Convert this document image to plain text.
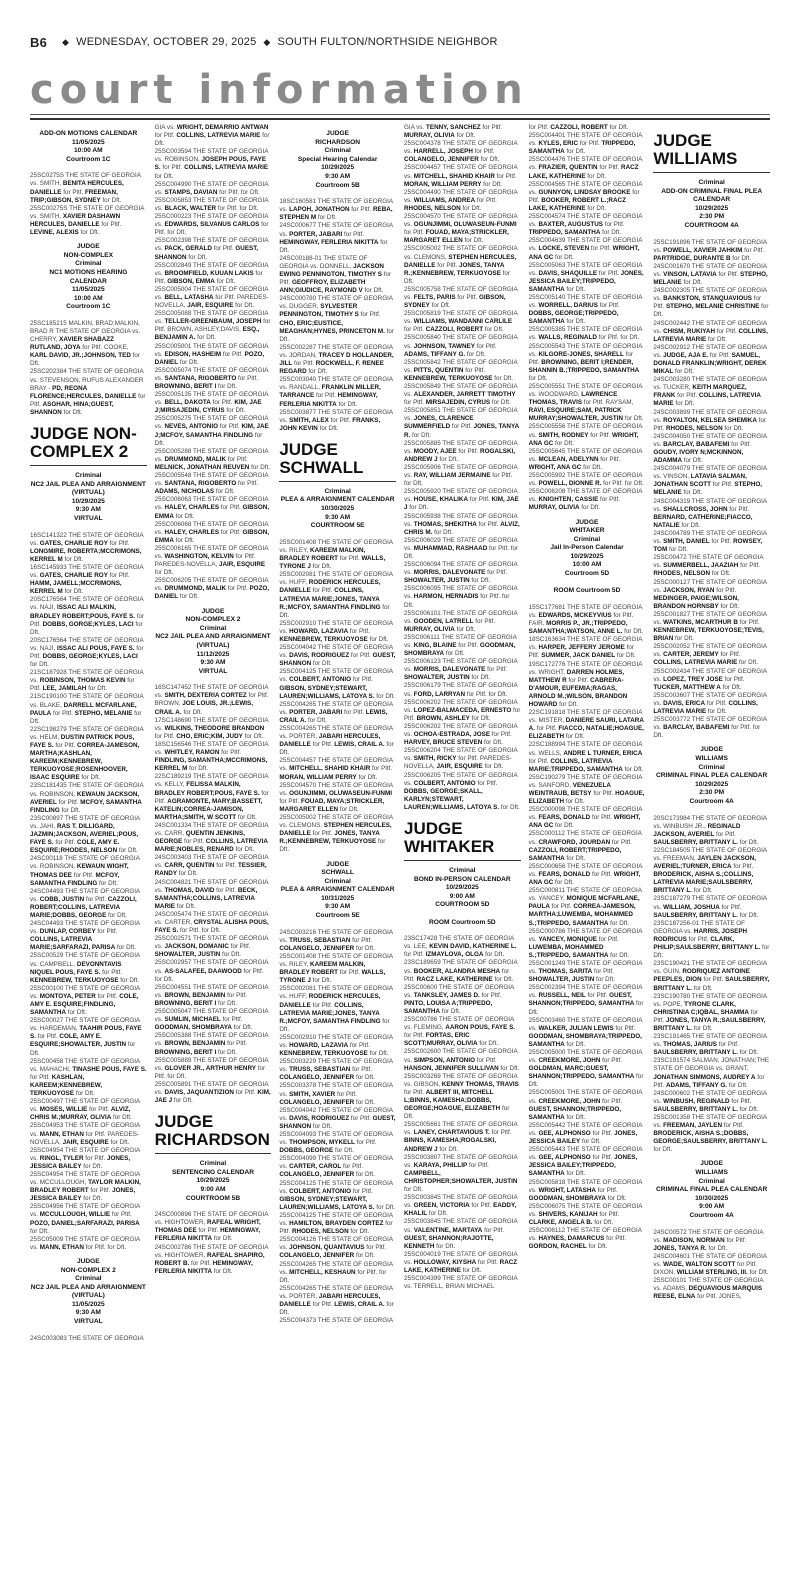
B6 ◆ WEDNESDAY, OCTOBER 29, 2025 ◆ SOUTH FULTON/NORTHSIDE NEIGHBOR
court information
ADD-ON MOTIONS CALENDAR
11/05/2025
10:00 AM
Courtroom 1C

25SC0275S THE STATE OF GEORGIA vs. SMITH, BENITA HERCULES, DANIELLE for Pltf. FREEMAN, TRIP;GIBSON, SYDNEY for Dft.

25SC00275S THE STATE OF GEORGIA vs. SMITH, XAVIER DASHAWN HERCULES, DANIELLE for Pltf. LEVINE, ALEXIS for Dft.

JUDGE
NON-COMPLEX
Criminal
NC1 MOTIONS HEARING CALENDAR
11/05/2025
10:00 AM
Courtroom 1C

25SC185215 MALKIN, BRAD;MALKIN, BRAD R THE STATE OF GEORGIA vs. CHERRY, XAVIER SHABAZZ RUTLAND, JOYA for Pltf. COOKE, KARL DAVID, JR.;JOHNSON, TED for Dft.

25SC202384 THE STATE OF GEORGIA vs. STEVENSON, RUFUS ALEXANDER BRAY - PD, REONA FLORENCE;HERCULES, DANIELLE for Pltf. ASGHAR, HINA;GUEST, SHANNON for Dft.

JUDGE NON-COMPLEX 2
Criminal
NC2 JAIL PLEA AND ARRAIGNMENT (VIRTUAL)
10/29/2025
9:30 AM
VIRTUAL

16SC141322 THE STATE OF GEORGIA vs. GATES, CHARLIE ROY for Pltf. LONGMIRE, ROBERTA;MCCRIMONS, KERREL M for Dft.

16SC145933 THE STATE OF GEORGIA vs. GATES, CHARLIE ROY for Pltf. HAMM, JAMELL;MCCRIMONS, KERREL M for Dft.

20SC176564 THE STATE OF GEORGIA vs. NAJI, ISSAC ALI MALKIN, BRADLEY ROBERT;POUS, FAYE S. for Pltf. DOBBS, GORGE;KYLES, LACI for Dft.

20SC176564 THE STATE OF GEORGIA vs. NAJI, ISSAC ALI POUS, FAYE S. for Pltf. DOBBS, GEORGE;KYLES, LACI for Dft.

21SC187928 THE STATE OF GEORGIA vs. ROBINSON, THOMAS KEVIN for Pltf. LEE, JAMILAH for Dft.

21SC190100 THE STATE OF GEORGIA vs. BLAKE, DARRELL MCFARLANE, PAULA for Pltf. STEPHO, MELANIE for Dft.

22SC198279 THE STATE OF GEORGIA vs. HELM, DUSTIN PATRICK POUS, FAYE S. for Pltf. CORREA-JAMESON, MARTHA;KASHLAN, KAREEM;KENNEBREW, TERKUOYOSE;ROSENHOOVER, ISAAC ESQUIRE for Dft.

23SC181435 THE STATE OF GEORGIA vs. ROBINSON, KEWAUN JACKSON, AVERIEL for Pltf. MCFOY, SAMANTHA FINDLING for Dft.

23SC00897 THE STATE OF GEORGIA vs. JAHI, RAS T. DILLIGARD, JAZMIN;JACKSON, AVERIEL;POUS, FAYE S. for Pltf. COLE, AMY E. ESQUIRE;RHODES, NELSON for Dft.

24SC00118 THE STATE OF GEORGIA vs. ROBINSON, KEWAUN WIGHT, THOMAS DEE for Pltf. MCFOY, SAMANTHA FINDLING for Dft.

24SC04493 THE STATE OF GEORGIA vs. COBB, JUSTIN for Pltf. CAZZOLI, ROBERT;COLLINS, LATREVIA MARIE;DOBBS, GEORGE for Dft.

24SC04493 THE STATE OF GEORGIA vs. DUNLAP, CORBEY for Pltf. COLLINS, LATREVIA MARIE;SARFARAZI, PARISA for Dft.

25SC00529 THE STATE OF GEORGIA vs. CAMPBELL, DEVONNTAVIS NIQUEL POUS, FAYE S. for Pltf. KENNEBREW, TERKUOYOSE for Dft.

25SC00100 THE STATE OF GEORGIA vs. MONTOYA, PETER for Pltf. COLE, AMY E. ESQUIRE;FINDLING, SAMANTHA for Dft.

25SC00027 THE STATE OF GEORGIA vs. HARDEMAN, TAAHIR POUS, FAYE S. for Pltf. COLE, AMY E. ESQUIRE;SHOWALTER, JUSTIN for Dft.

25SC00458 THE STATE OF GEORGIA vs. MAHACHI, TINASHE POUS, FAYE S. for Pltf. KASHLAN, KAREEM;KENNEBREW, TERKUOYOSE for Dft.

25SC00497 THE STATE OF GEORGIA vs. MOSES, WILLIE for Pltf. ALVIZ, CHRIS M.;MURRAY, OLIVIA for Dft.

25SC04953 THE STATE OF GEORGIA vs. MANN, ETHAN for Pltf. PAREDES-NOVELLA, JAIR, ESQUIRE for Dft.

25SC04954 THE STATE OF GEORGIA vs. RINGL, TYLER for Pltf. JONES, JESSICA BAILEY for Dft.

25SC04954 THE STATE OF GEORGIA vs. MCCULLOUGH, TAYLOR MALKIN, BRADLEY ROBERT for Pltf. JONES, JESSICA BAILEY for Dft.

25SC04956 THE STATE OF GEORGIA vs. MCCULLOUGH, WILLIE for Pltf. POZO, DANIEL;SARFARAZI, PARISA for Dft.

25SC05009 THE STATE OF GEORGIA vs. MANN, ETHAN for Pltf. for Dft.

JUDGE
NON-COMPLEX 2
Criminal
NC2 JAIL PLEA AND ARRAIGNMENT (VIRTUAL)
11/05/2025
9:30 AM
VIRTUAL

24SC003083 THE STATE OF GEORGIA

GIA vs. WRIGHT, DEMARRIO ANTWAN for Pltf. COLLINS, LATREVIA MARIE for Dft.

25SC003594 THE STATE OF GEORGIA vs. ROBINSON, JOSEPH POUS, FAYE S. for Pltf. COLLINS, LATREVIA MARIE for Dft.

25SC004990 THE STATE OF GEORGIA vs. STAMPS, DAVIAN for Pltf. for Dft.

25SC005853 THE STATE OF GEORGIA vs. BLACK, WALTER for Pltf. for Dft.

25SC000223 THE STATE OF GEORGIA vs. EDWARDS, SILVANUS CARLOS for Pltf. for Dft.

25SC002398 THE STATE OF GEORGIA vs. PACK, GERALD for Pltf. GUEST, SHANNON for Dft.

25SC002849 THE STATE OF GEORGIA vs. BROOMFIELD, KUUAN LAKIS for Pltf. GIBSON, EMMA for Dft.

25SC005004 THE STATE OF GEORGIA vs. BELL, LATASHA for Pltf. PAREDES-NOVELLA, JAIR, ESQUIRE for Dft.

25SC005088 THE STATE OF GEORGIA vs. TELLER-GREENBAUM, JOSEPH for Pltf. BROWN, ASHLEY;DAVIS, ESQ., BENJAMIN A. for Dft.

25SC005001 THE STATE OF GEORGIA vs. EDISON, HASHEIM for Pltf. POZO, DANIEL for Dft.

25SC005074 THE STATE OF GEORGIA vs. SANTANA, RIGOBERTO for Pltf. BROWNING, BERIT I for Dft.

25SC005135 THE STATE OF GEORGIA vs. BELL, DAKOTA for Pltf. KIM, JAE J;MIRSAJEDIN, CYRUS for Dft.

25SC005275 THE STATE OF GEORGIA vs. NEVES, ANTONIO for Pltf. KIM, JAE J;MCFOY, SAMANTHA FINDLING for Dft.

25SC005288 THE STATE OF GEORGIA vs. DRUMMOND, MALIK for Pltf. MELNICK, JONATHAN REUVEN for Dft.

25SC005548 THE STATE OF GEORGIA vs. SANTANA, RIGOBERTO for Pltf. ADAMS, NICHOLAS for Dft.

25SC006063 THE STATE OF GEORGIA vs. HALEY, CHARLES for Pltf. GIBSON, EMMA for Dft.

25SC006068 THE STATE OF GEORGIA vs. HALEY, CHARLES for Pltf. GIBSON, EMMA for Dft.

25SC006165 THE STATE OF GEORGIA vs. WASHINGTON, KELVIN for Pltf. PAREDES-NOVELLA, JAIR, ESQUIRE for Dft.

25SC006205 THE STATE OF GEORGIA vs. DRUMMOND, MALIK for Pltf. POZO, DANIEL for Dft.

JUDGE
NON-COMPLEX 2
Criminal
NC2 JAIL PLEA AND ARRAIGNMENT (VIRTUAL)
11/12/2025
9:30 AM
VIRTUAL

16SC147452 THE STATE OF GEORGIA vs. SMITH, DEXTERIA CORTEZ for Pltf. BROWN, JOE LOUIS, JR.;LEWIS, CRAIL A. for Dft.

17SC148690 THE STATE OF GEORGIA vs. WILKINS, THEODORE BRANDON for Pltf. CHO, ERIC;KIM, JUDY for Dft.

18SC156546 THE STATE OF GEORGIA vs. WHITLEY, RAMON for Pltf. FINDLING, SAMANTHA;MCCRIMONS, KERREL M for Dft.

22SC189219 THE STATE OF GEORGIA vs. KELLY, FELISSA MALKIN, BRADLEY ROBERT;POUS, FAYE S. for Pltf. AGRAMONTE, MARY;BASSETT, KATELIN;CORREA-JAMISON, MARTHA;SMITH, W SCOTT for Dft.

24SC001334 THE STATE OF GEORGIA vs. CARR, QUENTIN JENKINS, GEORGE for Pltf. COLLINS, LATREVIA MARIE;NOBLES, RENARD for Dft.

24SC003403 THE STATE OF GEORGIA vs. CARR, QUENTIN for Pltf. TESSIER, RANDY for Dft.

24SC004821 THE STATE OF GEORGIA vs. THOMAS, DAVID for Pltf. BECK, SAMANTHA;COLLINS, LATREVIA MARIE for Dft.

24SC005474 THE STATE OF GEORGIA vs. CARTER, CRYSTAL ALISHA POUS, FAYE S. for Pltf. for Dft.

25SC002571 THE STATE OF GEORGIA vs. JACKSON, DOMANIC for Pltf. SHOWALTER, JUSTIN for Dft.

25SC002957 THE STATE OF GEORGIA vs. AS-SALAFEE, DAAWOOD for Pltf. for Dft.

25SC004551 THE STATE OF GEORGIA vs. BROWN, BENJAMIN for Pltf. BROWNING, BERIT I for Dft.

25SC005047 THE STATE OF GEORGIA vs. SUMLIN, MICHAEL for Pltf. GOODMAN, SHOMBRAYA for Dft.

25SC005388 THE STATE OF GEORGIA vs. BROWN, BENJAMIN for Pltf. BROWNING, BERIT I for Dft.

25SC005889 THE STATE OF GEORGIA vs. GLOVER JR., ARTHUR HENRY for Pltf. for Dft.

25SC005891 THE STATE OF GEORGIA vs. DAVIS, JAQUANTIZION for Pltf. KIM, JAE J for Dft.

JUDGE RICHARDSON
Criminal
SENTENCING CALENDAR
10/29/2025
9:00 AM
COURTROOM 5B

24SC000896 THE STATE OF GEORGIA vs. HIGHTOWER, RAFEAL WRIGHT, THOMAS DEE for Pltf. HEMINGWAY, FERLERIA NIKITTA for Dft.

24SC002786 THE STATE OF GEORGIA vs. HIGHTOWER, RAFEAL SHAPIRO, ROBERT B. for Pltf. HEMINGWAY, FERLERIA NIKITTA for Dft.

JUDGE
RICHARDSON
Criminal
Special Hearing Calendar
10/29/2025
9:30 AM
Courtroom 5B

18SC160581 THE STATE OF GEORGIA vs. LAPOH, JONATHON for Pltf. REBA, STEPHEN M for Dft.

24SC000677 THE STATE OF GEORGIA vs. PORTER, JABARI for Pltf. HEMINGWAY, FERLERIA NIKITTA for Dft.

24SC00188-01 THE STATE OF GEORGIA vs. DONNELL, JACKSON EWING PENNINGTON, TIMOTHY S for Pltf. GEOFFROY, ELIZABETH ANN;GIUDICE, RAYMOND V for Dft.

24SC000780 THE STATE OF GEORGIA vs. DUGGER, SYLVESTER PENNINGTON, TIMOTHY S for Pltf. CHO, ERIC;EUSTICE, MEAGHAN;HYNES, PRINCETON M. for Dft.

25SC002287 THE STATE OF GEORGIA vs. JORDAN, TRACEY D HOLLANDER, JILL for Pltf. ROCKWELL, F. RENEE REGARD for Dft.

25SC003040 THE STATE OF GEORGIA vs. RANDALL, FRANKLIN MILLER, TARRANCE for Pltf. HEMINGWAY, FERLERIA NIKITTA for Dft.

25SC003877 THE STATE OF GEORGIA vs. SMITH, ALEX for Pltf. FRANKS, JOHN KEVIN for Dft.

JUDGE SCHWALL
Criminal
PLEA & ARRAIGNMENT CALENDAR
10/30/2025
9:30 AM
COURTROOM 5E

25SC001408 THE STATE OF GEORGIA vs. RILEY, KAREEM MALKIN, BRADLEY ROBERT for Pltf. WALLS, TYRONE J for Dft.

25SC002081 THE STATE OF GEORGIA vs. HUFF, RODERICK HERCULES, DANIELLE for Pltf. COLLINS, LATREVIA MARIE;JONES, TANYA R.;MCFOY, SAMANTHA FINDLING for Dft.

25SC002910 THE STATE OF GEORGIA vs. HOWARD, LAZAVIA for Pltf. KENNEBREW, TERKUOYOSE for Dft.

25SC004042 THE STATE OF GEORGIA vs. DAVIS, RODRIGUEZ for Pltf. GUEST, SHANNON for Dft.

25SC004125 THE STATE OF GEORGIA vs. COLBERT, ANTONIO for Pltf. GIBSON, SYDNEY;STEWART, LAUREN;WILLIAMS, LATOYA S. for Dft.

25SC004265 THE STATE OF GEORGIA vs. PORTER, JABARI for Pltf. LEWIS, CRAIL A. for Dft.

25SC004265 THE STATE OF GEORGIA vs. PORTER, JABARI HERCULES, DANIELLE for Pltf. LEWIS, CRAIL A. for Dft.

25SC004457 THE STATE OF GEORGIA vs. MITCHELL, SHAHID KHAIR for Pltf. MORAN, WILLIAM PERRY for Dft.

25SC004570 THE STATE OF GEORGIA vs. OGUNJIMMI, OLUWASEUN-FUNMI for Pltf. FOUAD, MAYA;STRICKLER, MARGARET ELLEN for Dft.

25SC005002 THE STATE OF GEORGIA vs. CLEMONS, STEPHEN HERCULES, DANIELLE for Pltf. JONES, TANYA R.;KENNEBREW, TERKUOYOSE for Dft.

JUDGE
SCHWALL
Criminal
PLEA & ARRAIGNMENT CALENDAR
10/31/2025
9:30 AM
Courtroom 5E

24SC003216 THE STATE OF GEORGIA vs. TRUSS, SEBASTIAN for Pltf. COLANGELO, JENNIFER for Dft.

25SC001408 THE STATE OF GEORGIA vs. RILEY, KAREEM MALKIN, BRADLEY ROBERT for Pltf. WALLS, TYRONE J for Dft.

25SC002081 THE STATE OF GEORGIA vs. HUFF, RODERICK HERCULES, DANIELLE for Pltf. COLLINS, LATREVIA MARIE;JONES, TANYA R.;MCFOY, SAMANTHA FINDLING for Dft.

25SC002910 THE STATE OF GEORGIA vs. HOWARD, LAZAVIA for Pltf. KENNEBREW, TERKUOYOSE for Dft.

25SC003229 THE STATE OF GEORGIA vs. TRUSS, SEBASTIAN for Pltf. COLANGELO, JENNIFER for Dft.

25SC003378 THE STATE OF GEORGIA vs. SMITH, XAVIER for Pltf. COLANGELO, JENNIFER for Dft.

25SC004042 THE STATE OF GEORGIA vs. DAVIS, RODRIGUEZ for Pltf. GUEST, SHANNON for Dft.

25SC004093 THE STATE OF GEORGIA vs. THOMPSON, MYKELL for Pltf. DOBBS, GEORGE for Dft.

25SC004099 THE STATE OF GEORGIA vs. CARTER, CAROL for Pltf. COLANGELO, JENNIFER for Dft.

25SC004125 THE STATE OF GEORGIA vs. COLBERT, ANTONIO for Pltf. GIBSON, SYDNEY;STEWART, LAUREN;WILLIAMS, LATOYA S. for Dft.

25SC004125 THE STATE OF GEORGIA vs. HAMILTON, BRAYDEN CORTEZ for Pltf. RHODES, NELSON for Dft.

25SC004126 THE STATE OF GEORGIA vs. JOHNSON, QUANTAVIUS for Pltf. COLANGELO, JENNIFER for Dft.

25SC004265 THE STATE OF GEORGIA vs. MITCHELL, KESHAUN for Pltf. for Dft.

25SC004265 THE STATE OF GEORGIA vs. PORTER, JABARI HERCULES, DANIELLE for Pltf. LEWIS, CRAIL A. for Dft.

25SC004373 THE STATE OF GEORGIA

GIA vs. TENNY, SANCHEZ for Pltf. MURRAY, OLIVIA for Dft.

25SC004378 THE STATE OF GEORGIA vs. HARRELL, JOSEPH for Pltf. COLANGELO, JENNIFER for Dft.

25SC004457 THE STATE OF GEORGIA vs. MITCHELL, SHAHID KHAIR for Pltf. MORAN, WILLIAM PERRY for Dft.

25SC004490 THE STATE OF GEORGIA vs. WILLIAMS, ANDREA for Pltf. RHODES, NELSON for Dft.

25SC004570 THE STATE OF GEORGIA vs. OGUNJIMMI, OLUWASEUN-FUNMI for Pltf. FOUAD, MAYA;STRICKLER, MARGARET ELLEN for Dft.

25SC005002 THE STATE OF GEORGIA vs. CLEMONS, STEPHEN HERCULES, DANIELLE for Pltf. JONES, TANYA R.;KENNEBREW, TERKUOYOSE for Dft.

25SC005758 THE STATE OF GEORGIA vs. FELTS, PARIS for Pltf. GIBSON, SYDNEY for Dft.

25SC005819 THE STATE OF GEORGIA vs. WILLIAMS, WANDANNI CARLILE for Pltf. CAZZOLI, ROBERT for Dft.

25SC005840 THE STATE OF GEORGIA vs. JOHNSON, TAWNEY for Pltf. ADAMS, TIFFANY G. for Dft.

25SC005842 THE STATE OF GEORGIA vs. PITTS, QUENTIN for Pltf. KENNEBREW, TERKUOYOSE for Dft.

25SC005849 THE STATE OF GEORGIA vs. ALEXANDER, JARRETT TIMOTHY for Pltf. MIRSAJEDIN, CYRUS for Dft.

25SC005851 THE STATE OF GEORGIA vs. JONES, CLARENCE SUMMERFIELD for Pltf. JONES, TANYA R. for Dft.

25SC005885 THE STATE OF GEORGIA vs. MOODY, AJEE for Pltf. ROGALSKI, ANDREW J for Dft.

25SC005906 THE STATE OF GEORGIA vs. RAY, WILLIAM JERMAINE for Pltf. for Dft.

25SC005920 THE STATE OF GEORGIA vs. HOUSE, KHALIKA for Pltf. KIM, JAE J for Dft.

25SC005938 THE STATE OF GEORGIA vs. THOMAS, SHEKITHA for Pltf. ALVIZ, CHRIS M. for Dft.

25SC006029 THE STATE OF GEORGIA vs. MUHAMMAD, RASHAAD for Pltf. for Dft.

25SC006094 THE STATE OF GEORGIA vs. MORRIS, DALEVONATE for Pltf. SHOWALTER, JUSTIN for Dft.

25SC006095 THE STATE OF GEORGIA vs. HARMON, HERNADIS for Pltf. for Dft.

25SC006101 THE STATE OF GEORGIA vs. GOODEN, LATRELL for Pltf. MURRAY, OLIVIA for Dft.

25SC006111 THE STATE OF GEORGIA vs. KING, BLAINE for Pltf. GOODMAN, SHOMBRAYA for Dft.

25SC006123 THE STATE OF GEORGIA vs. MORRIS, DALEVONATE for Pltf. SHOWALTER, JUSTIN for Dft.

25SC006179 THE STATE OF GEORGIA vs. FORD, LARRYAN for Pltf. for Dft.

25SC006202 THE STATE OF GEORGIA vs. LOPEZ-BALMACEDA, ERNESTO for Pltf. BROWN, ASHLEY for Dft.

25SC006202 THE STATE OF GEORGIA vs. OCHOA-ESTRADA, JOSE for Pltf. HARVEY, BRUCE STEVEN for Dft.

25SC006204 THE STATE OF GEORGIA vs. SMITH, RICKY for Pltf. PAREDES-NOVELLA, JAIR, ESQUIRE for Dft.

25SC006205 THE STATE OF GEORGIA vs. COLBERT, ANTONIO for Pltf. DOBBS, GEORGE;SKALL, KARLYN;STEWART, LAUREN;WILLIAMS, LATOYA S. for Dft.

JUDGE WHITAKER
Criminal
BOND IN-PERSON CALENDAR
10/29/2025
9:00 AM
COURTROOM 5D

ROOM Courtroom 5D

23SC17428 THE STATE OF GEORGIA vs. LEE, KEVIN DAVID, KATHERINE L. for Pltf. IZMAYLOVA, OLGA for Dft.

23SC189659 THE STATE OF GEORGIA vs. BOOKER, ALANDRA MESHA for Pltf. RACZ LAKE, KATHERINE for Dft.

25SC00600 THE STATE OF GEORGIA vs. TANKSLEY, JAMES D. for Pltf. PINTO, LOUISA A;TRIPPEDO, SAMANTHA for Dft.

25SC00786 THE STATE OF GEORGIA vs. FLEMING, AARON POUS, FAYE S. for Pltf. FORTAS, ERIC SCOTT;MURRAY, OLIVIA for Dft.

25SC002600 THE STATE OF GEORGIA vs. SIMPSON, ANTONIO for Pltf. HANSON, JENNIFER SULLIVAN for Dft.

25SC003269 THE STATE OF GEORGIA vs. GIBSON, KENNY THOMAS, TRAVIS for Pltf. ALBERT III, MITCHELL L;BINNS, KAMESHA;DOBBS, GEORGE;HOAGUE, ELIZABETH for Dft.

25SC005661 THE STATE OF GEORGIA vs. LANEY, CHARTAVIOUS T. for Pltf. BINNS, KAMESHA;ROGALSKI, ANDREW J for Dft.

25SC003807 THE STATE OF GEORGIA vs. KARAYA, PHILLIP for Pltf. CAMPBELL, CHRISTOPHER;SHOWALTER, JUSTIN for Dft.

25SC003845 THE STATE OF GEORGIA vs. GREEN, VICTORIA for Pltf. EADDY, KHALIL for Dft.

25SC003845 THE STATE OF GEORGIA vs. VALENTINE, MARTAYA for Pltf. GUEST, SHANNON;RAJOTTE, KENNETH for Dft.

25SC004019 THE STATE OF GEORGIA vs. HOLLOWAY, KIYSHA for Pltf. RACZ LAKE, KATHERINE for Dft.

25SC004399 THE STATE OF GEORGIA vs. TERRELL, BRIAN MICHAEL

for Pltf. CAZZOLI, ROBERT for Dft.

25SC004401 THE STATE OF GEORGIA vs. KYLES, ERIC for Pltf. TRIPPEDO, SAMANTHA for Dft.

25SC004476 THE STATE OF GEORGIA vs. FRAZIER, QUENTIN for Pltf. RACZ LAKE, KATHERINE for Dft.

25SC004565 THE STATE OF GEORGIA vs. GUNNYON, LINDSAY BROOKE for Pltf. BOOKER, ROBERT L.;RACZ LAKE, KATHERINE for Dft.

25SC004574 THE STATE OF GEORGIA vs. BAXTER, AUGUSTUS for Pltf. TRIPPEDO, SAMANTHA for Dft.

25SC004639 THE STATE OF GEORGIA vs. LOCKE, STEVEN for Pltf. WRIGHT, ANA GC for Dft.

25SC005063 THE STATE OF GEORGIA vs. DAVIS, SHAQUILLE for Pltf. JONES, JESSICA BAILEY;TRIPPEDO, SAMANTHA for Dft.

25SC005140 THE STATE OF GEORGIA vs. WORRELL, DARIUS for Pltf. DOBBS, GEORGE;TRIPPEDO, SAMANTHA for Dft.

25SC005385 THE STATE OF GEORGIA vs. WALLS, REGINALD for Pltf. for Dft.

25SC005543 THE STATE OF GEORGIA vs. KILGORE-JONES, SHARELL for Pltf. BROWNING, BERIT I;RENDER, SHANNIN B.;TRIPPEDO, SAMANTHA for Dft.

25SC005551 THE STATE OF GEORGIA vs. WOODWARD, LAWRENCE THOMAS, TRAVIS for Pltf. RAYSAM, RAVI, ESQUIRE;SAM, PATRICK MURRAY;SHOWALTER, JUSTIN for Dft.

25SC005556 THE STATE OF GEORGIA vs. SMITH, RODNEY for Pltf. WRIGHT, ANA GC for Dft.

25SC005645 THE STATE OF GEORGIA vs. MCLEAN, ADELYNN for Pltf. WRIGHT, ANA GC for Dft.

25SC005992 THE STATE OF GEORGIA vs. POWELL, DIONNE R. for Pltf. for Dft.

25SC006208 THE STATE OF GEORGIA vs. KNIGHTEN, CASSIE for Pltf. MURRAY, OLIVIA for Dft.

JUDGE
WHITAKER
Criminal
Jail In-Person Calendar
10/29/2025
10:00 AM
Courtroom 5D

ROOM Courtroom 5D

15SC177681 THE STATE OF GEORGIA vs. EDWARDS, MCKEYVIUS for Pltf. FAIR, MORRIS P., JR.;TRIPPEDO, SAMANTHA;WATSON, ANNE L. for Dft.

18SC163634 THE STATE OF GEORGIA vs. HARPER, JEFFERY JEROME for Pltf. SUMMER, JACK DANIEL for Dft.

19SC172776 THE STATE OF GEORGIA vs. WRIGHT, DARREN HOLMES, MATTHEW R for Pltf. CABRERA-D'AMOUR, EUFEMIA;RAGAS, ARNOLD M.;WILSON, BRANDON HOWARD for Dft.

22SC191818 THE STATE OF GEORGIA vs. MISTER, DANIERE SAURI, LATARA A. for Pltf. FIACCO, NATALIE;HOAGUE, ELIZABETH for Dft.

22SC188994 THE STATE OF GEORGIA vs. WELLS, ANDRE L TURNER, ERICA for Pltf. COLLINS, LATREVIA MARIE;TRIPPEDO, SAMANTHA for Dft.

25SC190279 THE STATE OF GEORGIA vs. SANFORD, VENEZUELA WEINTRAUB, BETSY for Pltf. HOAGUE, ELIZABETH for Dft.

25SC000098 THE STATE OF GEORGIA vs. FEARS, DONALD for Pltf. WRIGHT, ANA GC for Dft.

25SC000112 THE STATE OF GEORGIA vs. CRAWFORD, JOURDAN for Pltf. CAZZOLI, ROBERT;TRIPPEDO, SAMANTHA for Dft.

25SC000656 THE STATE OF GEORGIA vs. FEARS, DONALD for Pltf. WRIGHT, ANA GC for Dft.

25SC000811 THE STATE OF GEORGIA vs. YANCEY, MONIQUE MCFARLANE, PAULA for Pltf. CORREA-JAMESON, MARTHA;LUWEMBA, MOHAMMED S.;TRIPPEDO, SAMANTHA for Dft.

25SC000786 THE STATE OF GEORGIA vs. YANCEY, MONIQUE for Pltf. LUWEMBA, MOHAMMED S.;TRIPPEDO, SAMANTHA for Dft.

25SC001249 THE STATE OF GEORGIA vs. THOMAS, SARITA for Pltf. SHOWALTER, JUSTIN for Dft.

25SC002394 THE STATE OF GEORGIA vs. RUSSELL, NEIL for Pltf. GUEST, SHANNON;TRIPPEDO, SAMANTHA for Dft.

25SC003460 THE STATE OF GEORGIA vs. WALKER, JULIAN LEWIS for Pltf. GOODMAN, SHOMBRAYA;TRIPPEDO, SAMANTHA for Dft.

25SC005000 THE STATE OF GEORGIA vs. CREEKMORE, JOHN for Pltf. GOLDMAN, MARC;GUEST, SHANNON;TRIPPEDO, SAMANTHA for Dft.

25SC005001 THE STATE OF GEORGIA vs. CREEKMORE, JOHN for Pltf. GUEST, SHANNON;TRIPPEDO, SAMANTHA for Dft.

25SC005442 THE STATE OF GEORGIA vs. GEE, ALPHONSO for Pltf. JONES, JESSICA BAILEY for Dft.

25SC005443 THE STATE OF GEORGIA vs. GEE, ALPHONSO for Pltf. JONES, JESSICA BAILEY;TRIPPEDO, SAMANTHA for Dft.

25SC005818 THE STATE OF GEORGIA vs. WRIGHT, LATASHA for Pltf. GOODMAN, SHOMBRAYA for Dft.

25SC006075 THE STATE OF GEORGIA vs. SHIVERS, KANIJAH for Pltf. CLARKE, ANGELA B. for Dft.

25SC006112 THE STATE OF GEORGIA vs. HAYNES, DAMARCUS for Pltf. GORDON, RACHEL for Dft.

JUDGE WILLIAMS
Criminal
ADD-ON CRIMINAL FINAL PLEA CALENDAR
10/29/2025
2:30 PM
COURTROOM 4A

25SC191896 THE STATE OF GEORGIA vs. POWELL, XAVIER JAHKIM for Pltf. PARTRIDGE, DURANTE B for Dft.

24SC001670 THE STATE OF GEORGIA vs. VINSON, LATAVIA for Pltf. STEPHO, MELANIE for Dft.

24SC002305 THE STATE OF GEORGIA vs. BANKSTON, STANQUAVIOUS for Pltf. STEPHO, MELANIE CHRISTINE for Dft.

24SC002442 THE STATE OF GEORGIA vs. CHISM, RUKIYAH for Pltf. COLLINS, LATREVIA MARIE for Dft.

24SC002912 THE STATE OF GEORGIA vs. JUDGE, AJA E. for Pltf. SAMUEL, DONALD FRANKLIN;WRIGHT, DEREK MIKAL for Dft.

24SC003280 THE STATE OF GEORGIA vs. TUCKER, KEITH MARQUEZ, FRANK for Pltf. COLLINS, LATREVIA MARIE for Dft.

24SC003899 THE STATE OF GEORGIA vs. ROYALTON, KELSEA SHEMIKA for Pltf. RHODES, NELSON for Dft.

24SC004050 THE STATE OF GEORGIA vs. BARCLAY, BABAFEMI for Pltf. GOUDY, IVORY N;MCKINNON, ADAMMA for Dft.

24SC004079 THE STATE OF GEORGIA vs. VINSON, LATAVIA SALMAN, JONATHAN SCOTT for Pltf. STEPHO, MELANIE for Dft.

24SC004319 THE STATE OF GEORGIA vs. SHALLCROSS, JOHN for Pltf. BERNARD, CATHERINE;FIACCO, NATALIE for Dft.

24SC004789 THE STATE OF GEORGIA vs. SMITH, DANIEL for Pltf. ROWSEY, TOM for Dft.

25SC00472 THE STATE OF GEORGIA vs. SUMMERBELL, JAAZIAH for Pltf. RHODES, NELSON for Dft.

25SC000127 THE STATE OF GEORGIA vs. JACKSON, RYAN for Pltf. MEDINGER, PAIGE;WILSON, BRANDON HORNSBY for Dft.

25SC001827 THE STATE OF GEORGIA vs. WATKINS, MCARTHUR B for Pltf. KENNEBREW, TERKUOYOSE;TEVIS, BRIAN for Dft.

25SC002052 THE STATE OF GEORGIA vs. CARTER, JEREMY for Pltf. COLLINS, LATREVIA MARIE for Dft.

25SC002434 THE STATE OF GEORGIA vs. LOPEZ, TREY JOSE for Pltf. TUCKER, MATTHEW A for Dft.

25SC003607 THE STATE OF GEORGIA vs. DAVIS, ERICA for Pltf. COLLINS, LATREVIA MARIE for Dft.

25SC003772 THE STATE OF GEORGIA vs. BARCLAY, BABAFEMI for Pltf. for Dft.

JUDGE
WILLIAMS
Criminal
CRIMINAL FINAL PLEA CALENDAR
10/29/2025
2:30 PM
Courtroom 4A

20SC173984 THE STATE OF GEORGIA vs. WINBUSH JR., REGINALD JACKSON, AVERIEL for Pltf. SAULSBERRY, BRITTANY L. for Dft.

22SC184505 THE STATE OF GEORGIA vs. FREEMAN, JAYLEN JACKSON, AVERIEL;TURNER, ERICA for Pltf. BRODERICK, AISHA S.;COLLINS, LATREVIA MARIE;SAULSBERRY, BRITTANY L. for Dft.

23SC187279 THE STATE OF GEORGIA vs. WILLIAM, JOSHUA for Pltf. SAULSBERRY, BRITTANY L. for Dft.

23SC187256-01 THE STATE OF GEORGIA vs. HARRIS, JOSEPH RODRICUS for Pltf. CLARK, PHILIP;SAULSBERRY, BRITTANY L. for Dft.

23SC190421 THE STATE OF GEORGIA vs. GUIN, RODRIQUEZ ANTOINE PEEPLES, DION for Pltf. SAULSBERRY, BRITTANY L. for Dft.

23SC190780 THE STATE OF GEORGIA vs. POPE, TYRONE CLARK, CHRISTINIA C;IQBAL, SHAMMA for Pltf. JONES, TANYA R.;SAULSBERRY, BRITTANY L. for Dft.

23SC191465 THE STATE OF GEORGIA vs. THOMAS, JARIUS for Pltf. SAULSBERRY, BRITTANY L. for Dft.

23SC191574 SALMAN, JONATHAN;THE STATE OF GEORGIA vs. GRANT, JONATHAN SIMMONS, AUDREY A for Pltf. ADAMS, TIFFANY G. for Dft.

24SC000602 THE STATE OF GEORGIA vs. WINBUSH, REGINALD for Pltf. SAULSBERRY, BRITTANY L. for Dft.

25SC001358 THE STATE OF GEORGIA vs. FREEMAN, JAYLEN for Pltf. BRODERICK, AISHA S.;DOBBS, GEORGE;SAULSBERRY, BRITTANY L. for Dft.

JUDGE
WILLIAMS
Criminal
CRIMINAL FINAL PLEA CALENDAR
10/30/2025
9:00 AM
Courtroom 4A

24SC00572 THE STATE OF GEORGIA vs. MADISON, NORMAN for Pltf. JONES, TANYA R. for Dft.

24SC004601 THE STATE OF GEORGIA vs. WADE, WALTON SCOTT for Pltf. DIXON, WILLIAM STERLING, III. for Dft.

25SC00101 THE STATE OF GEORGIA vs. ADAMS, DEQUAVIOUS MARQUIS REESE, ELNA for Pltf. JONES,
